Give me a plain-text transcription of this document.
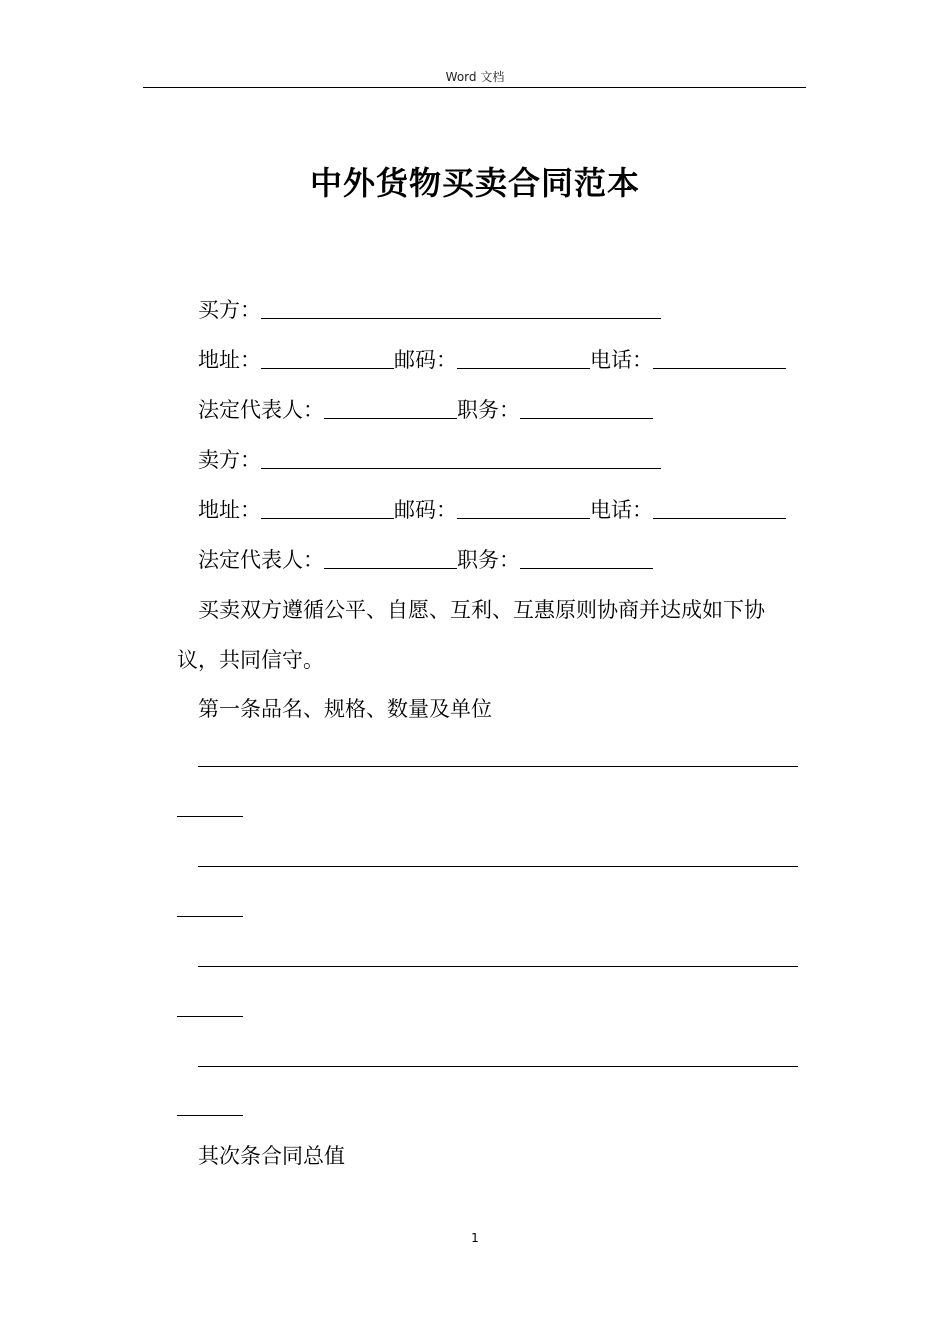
Word 文档
中外货物买卖合同范本
买方：
地址：	邮码：	电话：
法定代表人：	职务：
卖方：
地址：	邮码：	电话：
法定代表人：	职务：
买卖双方遵循公平、自愿、互利、互惠原则协商并达成如下协
议，共同信守。
第一条品名、规格、数量及单位
其次条合同总值
1
